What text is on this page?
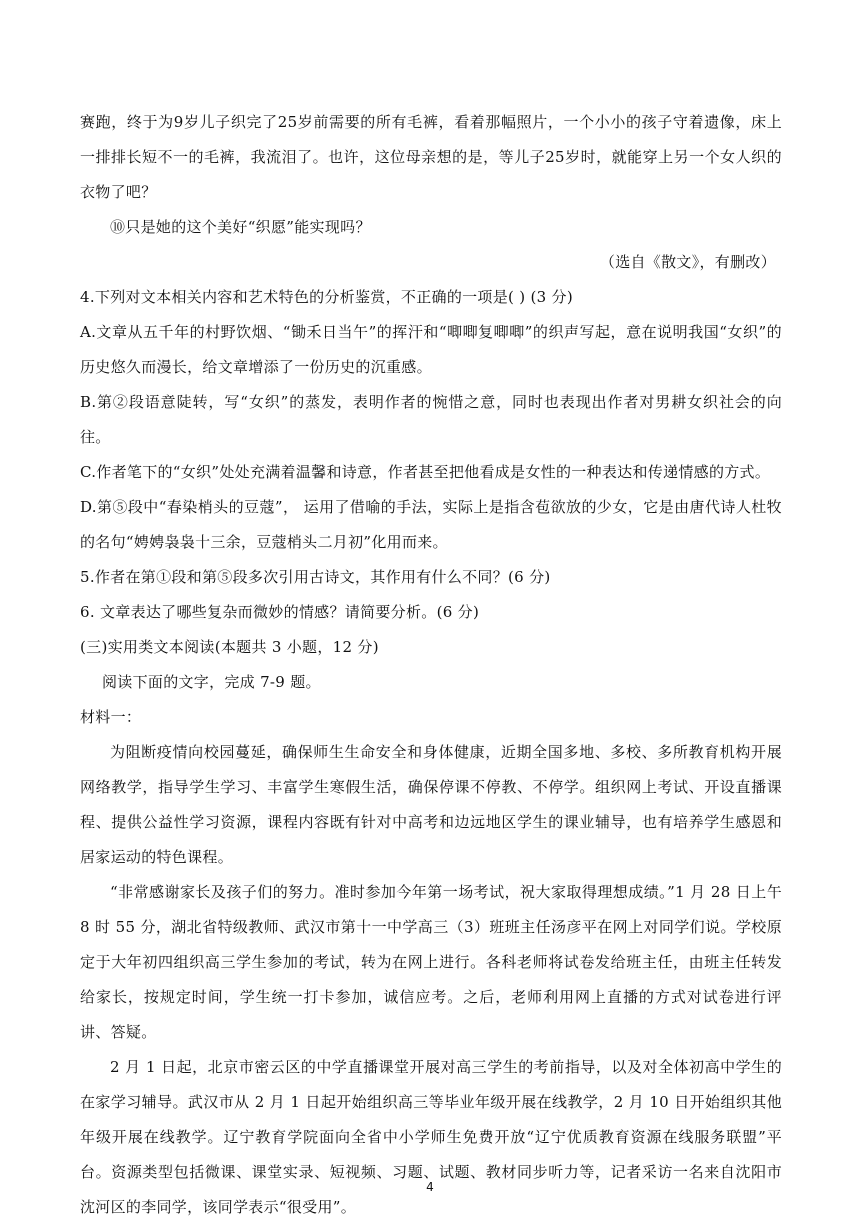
赛跑，终于为9岁儿子织完了25岁前需要的所有毛裤，看着那幅照片，一个小小的孩子守着遗像，床上一排排长短不一的毛裤，我流泪了。也许，这位母亲想的是，等儿子25岁时，就能穿上另一个女人织的衣物了吧？

⑩只是她的这个美好“织愿”能实现吗？

（选自《散文》，有删改）

4.下列对文本相关内容和艺术特色的分析鉴赏，不正确的一项是( ) (3 分)

A.文章从五千年的村野饮烟、“锄禾日当午”的挥汗和“唧唧复唧唧”的织声写起，意在说明我国“女织”的历史悠久而漫长，给文章增添了一份历史的沉重感。

B.第②段语意陡转，写“女织”的蒸发，表明作者的惋惜之意，同时也表现出作者对男耕女织社会的向往。

C.作者笔下的“女织”处处充满着温馨和诗意，作者甚至把他看成是女性的一种表达和传递情感的方式。

D.第⑤段中“春染梢头的豆蔻”， 运用了借喻的手法，实际上是指含苞欲放的少女，它是由唐代诗人杜牧的名句“娉娉袅袅十三余，豆蔻梢头二月初”化用而来。

5.作者在第①段和第⑤段多次引用古诗文，其作用有什么不同？(6 分)

6. 文章表达了哪些复杂而微妙的情感？请简要分析。(6 分)

(三)实用类文本阅读(本题共 3 小题，12 分)

阅读下面的文字，完成 7-9 题。

材料一：

为阻断疫情向校园蔓延，确保师生生命安全和身体健康，近期全国多地、多校、多所教育机构开展网络教学，指导学生学习、丰富学生寒假生活，确保停课不停教、不停学。组织网上考试、开设直播课程、提供公益性学习资源，课程内容既有针对中高考和边远地区学生的课业辅导，也有培养学生感恩和居家运动的特色课程。

“非常感谢家长及孩子们的努力。准时参加今年第一场考试，祝大家取得理想成绩。”1 月 28 日上午 8 时 55 分，湖北省特级教师、武汉市第十一中学高三（3）班班主任汤彦平在网上对同学们说。学校原定于大年初四组织高三学生参加的考试，转为在网上进行。各科老师将试卷发给班主任，由班主任转发给家长，按规定时间，学生统一打卡参加，诚信应考。之后，老师利用网上直播的方式对试卷进行评讲、答疑。

2 月 1 日起，北京市密云区的中学直播课堂开展对高三学生的考前指导，以及对全体初高中学生的在家学习辅导。武汉市从 2 月 1 日起开始组织高三等毕业年级开展在线教学，2 月 10 日开始组织其他年级开展在线教学。辽宁教育学院面向全省中小学师生免费开放“辽宁优质教育资源在线服务联盟”平台。资源类型包括微课、课堂实录、短视频、习题、试题、教材同步听力等，记者采访一名来自沈阳市沈河区的李同学，该同学表示“很受用”。

4
